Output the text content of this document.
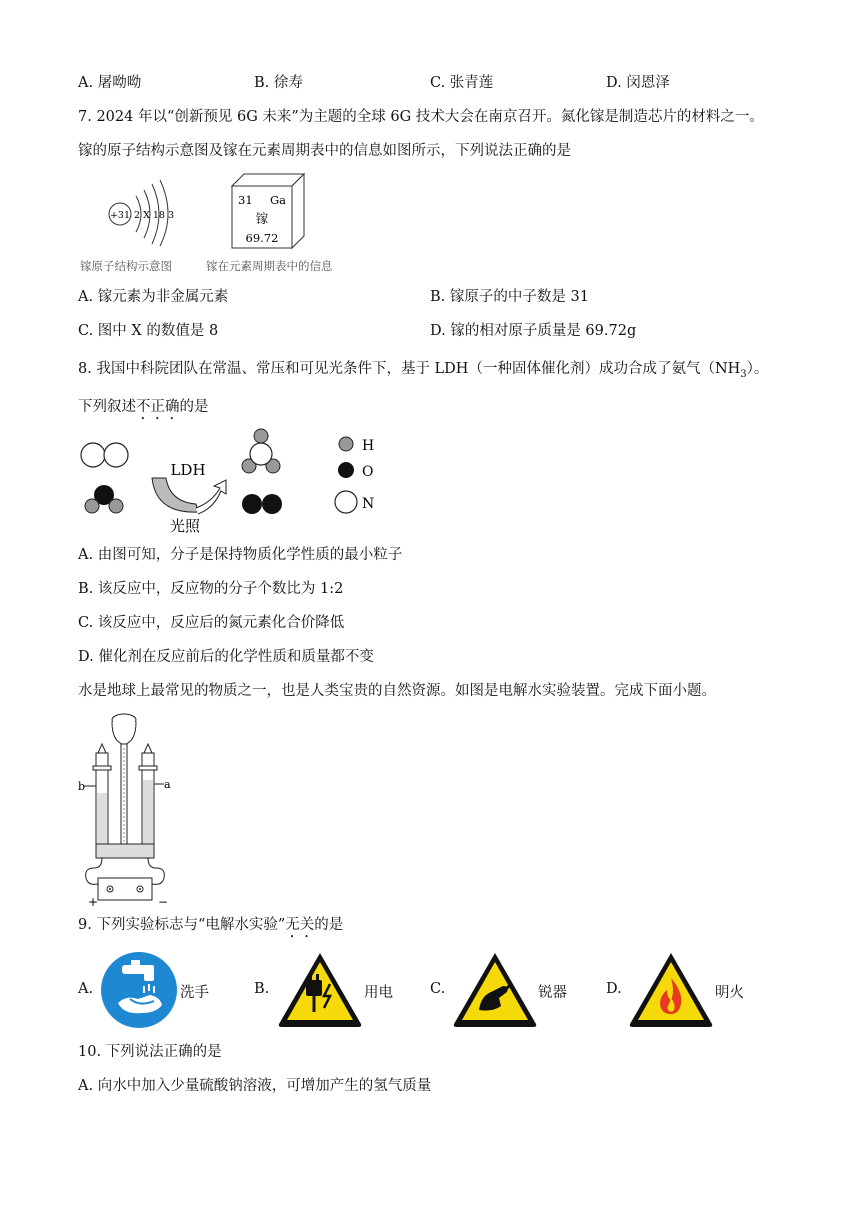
A. 屠呦呦	B. 徐寿	C. 张青莲	D. 闵恩泽
7. 2024 年以“创新预见 6G 未来”为主题的全球 6G 技术大会在南京召开。氮化镓是制造芯片的材料之一。
镓的原子结构示意图及镓在元素周期表中的信息如图所示，下列说法正确的是
+31 2 X 18 3
镓原子结构示意图
31 Ga
镓
69.72
镓在元素周期表中的信息
A. 镓元素为非金属元素	B. 镓原子的中子数是 31
C. 图中 X 的数值是 8	D. 镓的相对原子质量是 69.72g
8. 我国中科院团队在常温、常压和可见光条件下，基于 LDH（一种固体催化剂）成功合成了氨气$(NH_3)$。
下列叙述不正确的是
LDH
光照
H
O
N
A. 由图可知，分子是保持物质化学性质的最小粒子
B. 该反应中，反应物的分子个数比为 1:2
C. 该反应中，反应后的氮元素化合价降低
D. 催化剂在反应前后的化学性质和质量都不变
水是地球上最常见的物质之一，也是人类宝贵的自然资源。如图是电解水实验装置。完成下面小题。
b	a
+	−
9. 下列实验标志与“电解水实验”无关的是
A.	洗手	B.	用电	C.	锐器	D.	明火
10. 下列说法正确的是
A. 向水中加入少量硫酸钠溶液，可增加产生的氢气质量
